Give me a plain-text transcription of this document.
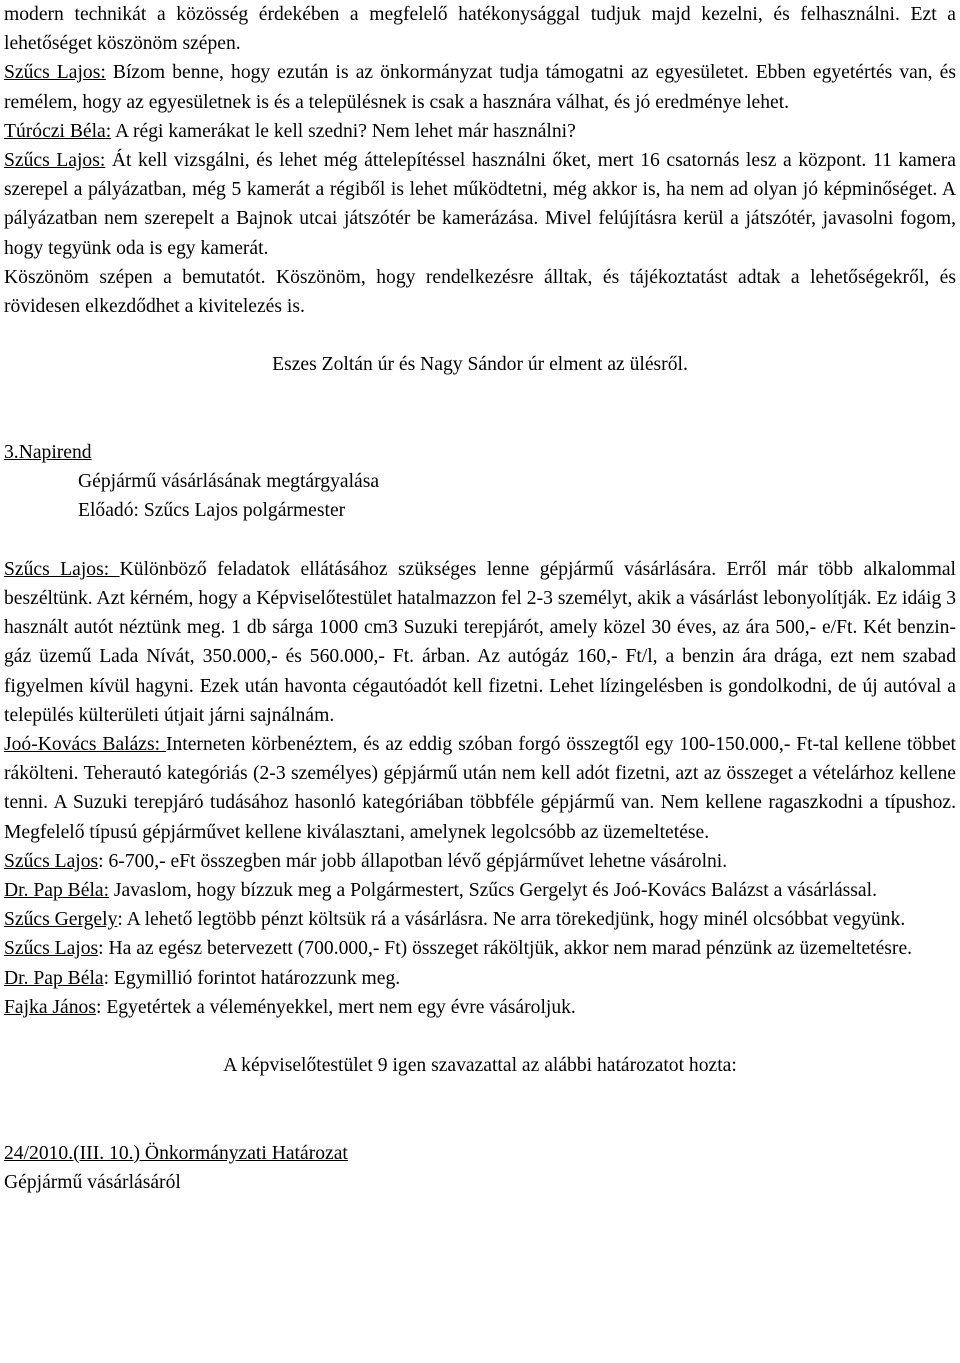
modern technikát a közösség érdekében a megfelelő hatékonysággal tudjuk majd kezelni, és felhasználni. Ezt a lehetőséget köszönöm szépen.

Szűcs Lajos: Bízom benne, hogy ezután is az önkormányzat tudja támogatni az egyesületet. Ebben egyetértés van, és remélem, hogy az egyesületnek is és a településnek is csak a hasznára válhat, és jó eredménye lehet.

Túróczi Béla: A régi kamerákat le kell szedni? Nem lehet már használni?

Szűcs Lajos: Át kell vizsgálni, és lehet még áttelepítéssel használni őket, mert 16 csatornás lesz a központ. 11 kamera szerepel a pályázatban, még 5 kamerát a régiből is lehet működtetni, még akkor is, ha nem ad olyan jó képminőséget. A pályázatban nem szerepelt a Bajnok utcai játszótér be kamerázása. Mivel felújításra kerül a játszótér, javasolni fogom, hogy tegyünk oda is egy kamerát.

Köszönöm szépen a bemutatót. Köszönöm, hogy rendelkezésre álltak, és tájékoztatást adtak a lehetőségekről, és rövidesen elkezdődhet a kivitelezés is.

Eszes Zoltán úr és Nagy Sándor úr elment az ülésről.

3.Napirend

Gépjármű vásárlásának megtárgyalása

Előadó: Szűcs Lajos polgármester

Szűcs Lajos: Különböző feladatok ellátásához szükséges lenne gépjármű vásárlására. Erről már több alkalommal beszéltünk. Azt kérném, hogy a Képviselőtestület hatalmazzon fel 2-3 személyt, akik a vásárlást lebonyolítják. Ez idáig 3 használt autót néztünk meg. 1 db sárga 1000 cm3 Suzuki terepjárót, amely közel 30 éves, az ára 500,- e/Ft. Két benzin-gáz üzemű Lada Nívát, 350.000,- és 560.000,- Ft. árban. Az autógáz 160,- Ft/l, a benzin ára drága, ezt nem szabad figyelmen kívül hagyni. Ezek után havonta cégautóadót kell fizetni. Lehet lízingelésben is gondolkodni, de új autóval a település külterületi útjait járni sajnálnám.

Joó-Kovács Balázs: Interneten körbenéztem, és az eddig szóban forgó összegtől egy 100-150.000,- Ft-tal kellene többet rákölteni. Teherautó kategóriás (2-3 személyes) gépjármű után nem kell adót fizetni, azt az összeget a vételárhoz kellene tenni. A Suzuki terepjáró tudásához hasonló kategóriában többféle gépjármű van. Nem kellene ragaszkodni a típushoz. Megfelelő típusú gépjárművet kellene kiválasztani, amelynek legolcsóbb az üzemeltetése.

Szűcs Lajos: 6-700,- eFt összegben már jobb állapotban lévő gépjárművet lehetne vásárolni.

Dr. Pap Béla: Javaslom, hogy bízzuk meg a Polgármestert, Szűcs Gergelyt és Joó-Kovács Balázst a vásárlással.

Szűcs Gergely: A lehető legtöbb pénzt költsük rá a vásárlásra. Ne arra törekedjünk, hogy minél olcsóbbat vegyünk.

Szűcs Lajos: Ha az egész betervezett (700.000,- Ft) összeget ráköltjük, akkor nem marad pénzünk az üzemeltetésre.

Dr. Pap Béla: Egymillió forintot határozzunk meg.

Fajka János: Egyetértek a véleményekkel, mert nem egy évre vásároljuk.

A képviselőtestület 9 igen szavazattal az alábbi határozatot hozta:

24/2010.(III. 10.) Önkormányzati Határozat

Gépjármű vásárlásáról
